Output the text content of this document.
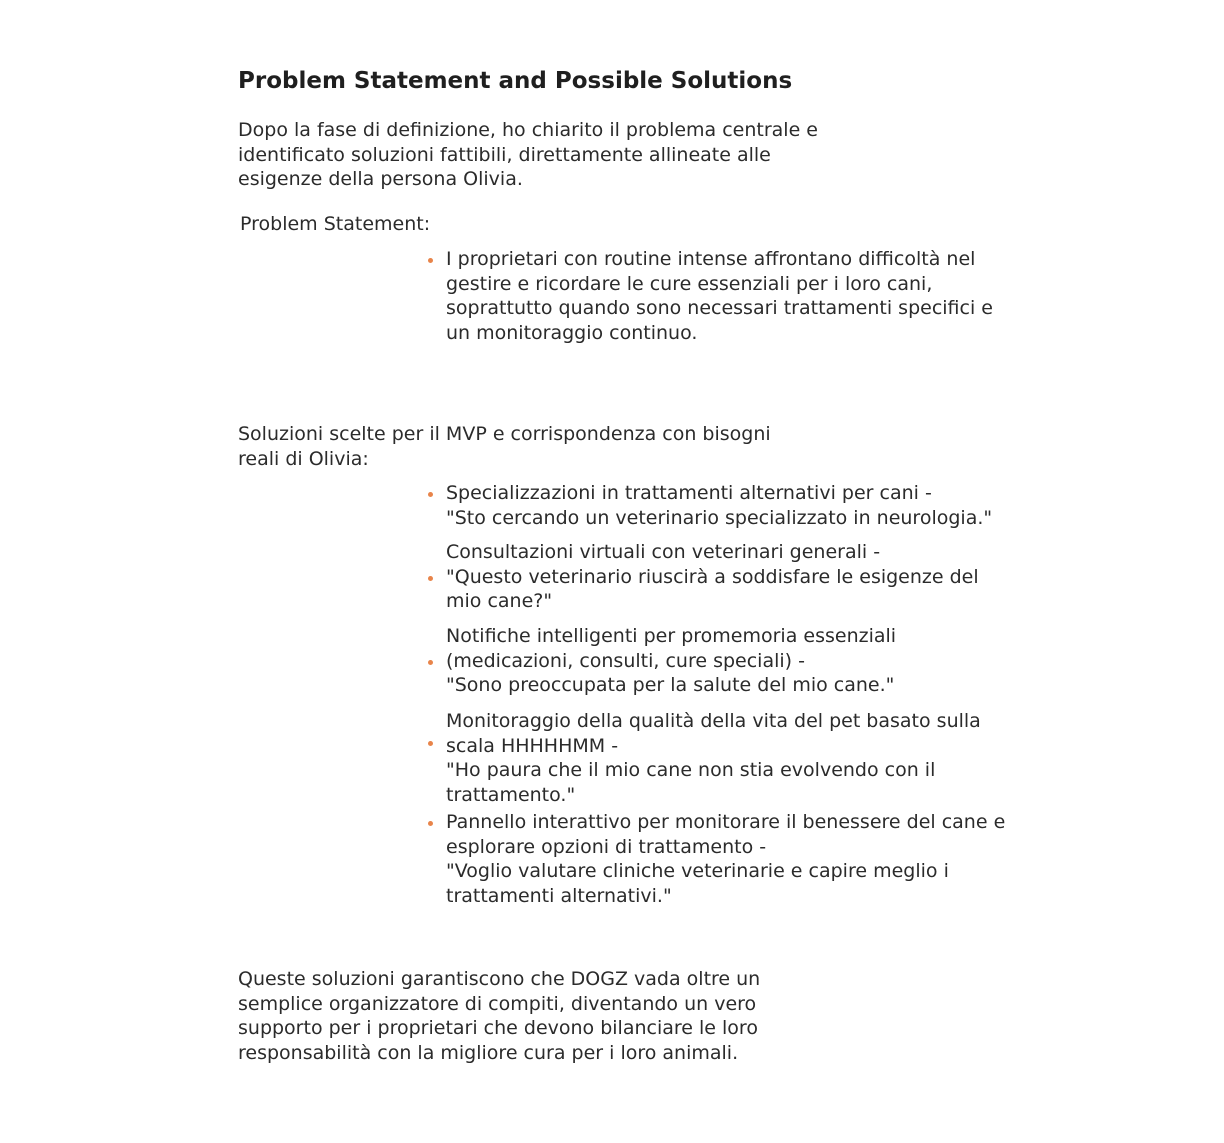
Problem Statement and Possible Solutions

Dopo la fase di definizione, ho chiarito il problema centrale e
identificato soluzioni fattibili, direttamente allineate alle
esigenze della persona Olivia.

Problem Statement:

I proprietari con routine intense affrontano difficoltà nel
gestire e ricordare le cure essenziali per i loro cani,
soprattutto quando sono necessari trattamenti specifici e
un monitoraggio continuo.

Soluzioni scelte per il MVP e corrispondenza con bisogni
reali di Olivia:

Specializzazioni in trattamenti alternativi per cani -
"Sto cercando un veterinario specializzato in neurologia."
Consultazioni virtuali con veterinari generali -
"Questo veterinario riuscirà a soddisfare le esigenze del
mio cane?"
Notifiche intelligenti per promemoria essenziali
(medicazioni, consulti, cure speciali) -
"Sono preoccupata per la salute del mio cane."
Monitoraggio della qualità della vita del pet basato sulla
scala HHHHHMM -
"Ho paura che il mio cane non stia evolvendo con il
trattamento."
Pannello interattivo per monitorare il benessere del cane e
esplorare opzioni di trattamento -
"Voglio valutare cliniche veterinarie e capire meglio i
trattamenti alternativi."

Queste soluzioni garantiscono che DOGZ vada oltre un
semplice organizzatore di compiti, diventando un vero
supporto per i proprietari che devono bilanciare le loro
responsabilità con la migliore cura per i loro animali.
